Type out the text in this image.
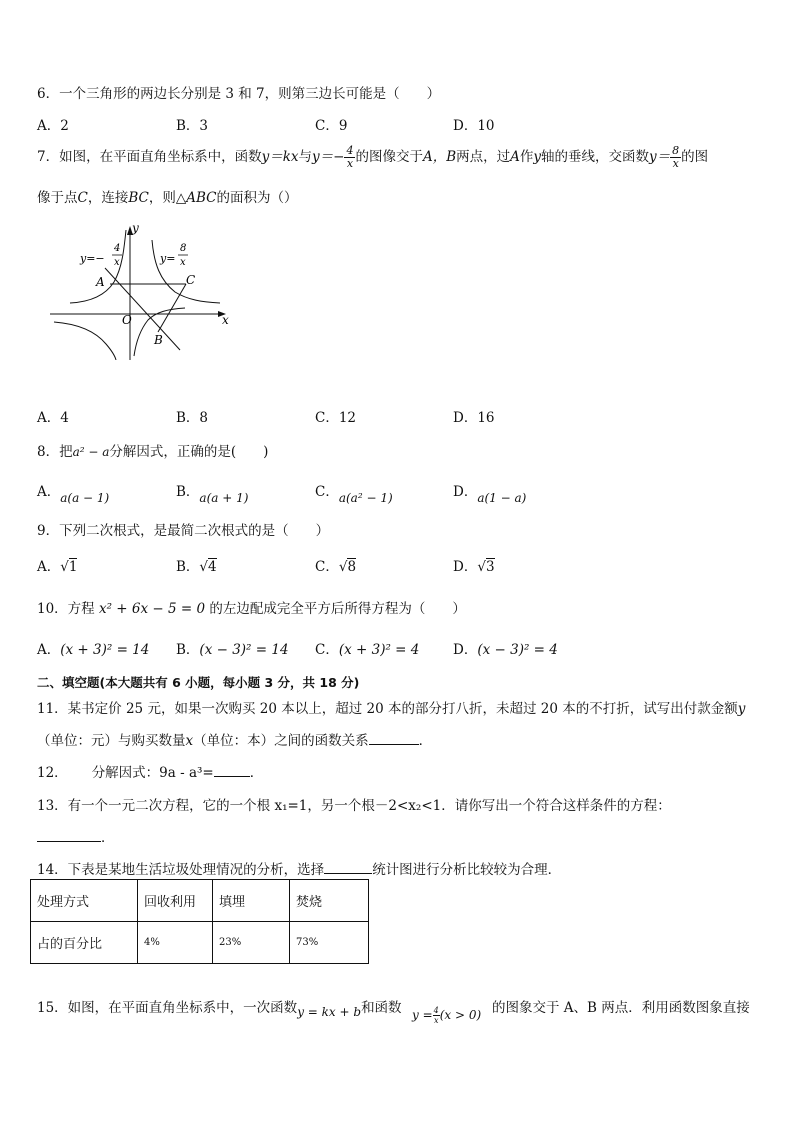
6．一个三角形的两边长分别是 3 和 7，则第三边长可能是（　　）
A．2	B．3	C．9	D．10
7．如图，在平面直角坐标系中，函数y＝kx与$y=- \frac{4}{x}$ 的图像交于A，B两点，过A作y轴的垂线，交函数$y= \frac{8}{x}$ 的图
像于点C，连接BC，则△ABC的面积为（）
y
x
O
A
B
C
y=−
4
x	y=
8
x
A．4	B．8	C．12	D．16
8．把a² − a分解因式，正确的是(　　)
A．a(a − 1)	B．a(a + 1)	C．a(a² − 1)	D．a(1 − a)
9．下列二次根式，是最简二次根式的是（　　）
A．√1	B．√4	C．√8	D．√3
10．方程 x² + 6x − 5 = 0 的左边配成完全平方后所得方程为（　　）
A．(x + 3)² = 14 B．(x − 3)² = 14 C．(x + 3)² = 4 D．(x − 3)² = 4
二、填空题(本大题共有 6 小题，每小题 3 分，共 18 分)
11．某书定价 25 元，如果一次购买 20 本以上，超过 20 本的部分打八折，未超过 20 本的不打折，试写出付款金额y
（单位：元）与购买数量x（单位：本）之间的函数关系	．
12． 分解因式：9a - a³=	．
13．有一个一元二次方程，它的一个根 x₁=1，另一个根－2<x₂<1．请你写出一个符合这样条件的方程：
．
14．下表是某地生活垃圾处理情况的分析，选择	统计图进行分析比较较为合理．
处理方式	回收利用	填埋	焚烧
占的百分比	4%	23%	73%
15．如图，在平面直角坐标系中，一次函数y = kx + b和函数 $y = \frac{4}{x} (x > 0)$ 的图象交于 A、B 两点．利用函数图象直接
